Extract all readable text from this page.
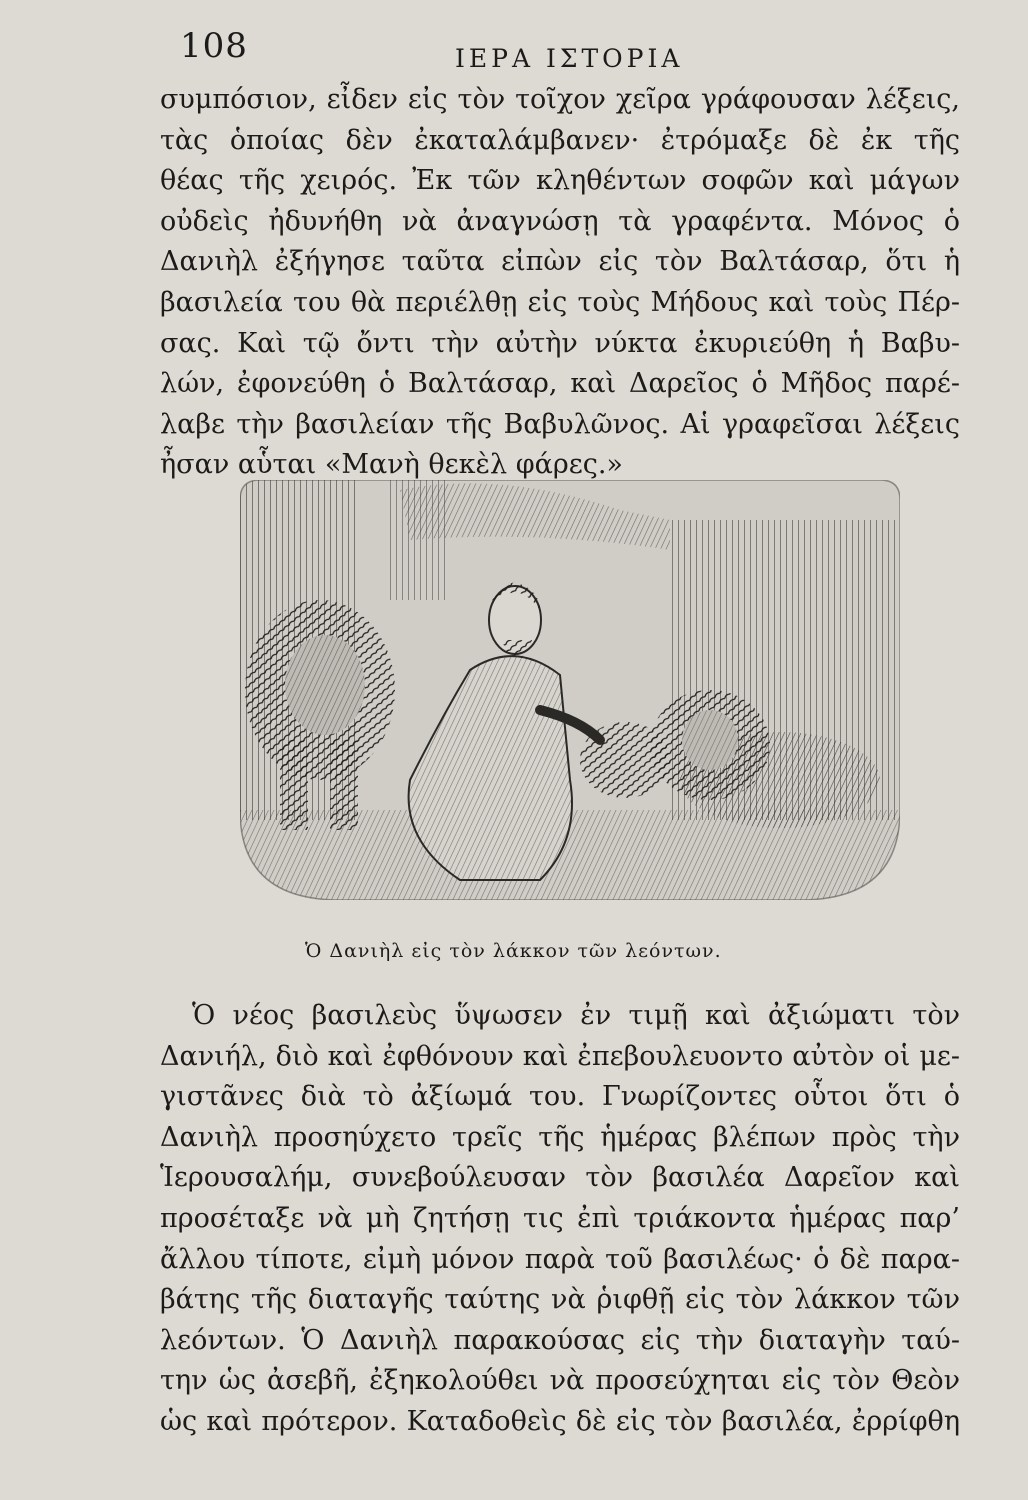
108	ΙΕΡΑ ΙΣΤΟΡΙΑ
συμπόσιον, εἶδεν εἰς τὸν τοῖχον χεῖρα γράφουσαν λέξεις,
τὰς ὁποίας δὲν ἐκαταλάμβανεν· ἐτρόμαξε δὲ ἐκ τῆς
θέας τῆς χειρός. Ἐκ τῶν κληθέντων σοφῶν καὶ μάγων
οὐδεὶς ἠδυνήθη νὰ ἀναγνώσῃ τὰ γραφέντα. Μόνος ὁ
Δανιὴλ ἐξήγησε ταῦτα εἰπὼν εἰς τὸν Βαλτάσαρ, ὅτι ἡ
βασιλεία του θὰ περιέλθῃ εἰς τοὺς Μήδους καὶ τοὺς Πέρ-
σας. Καὶ τῷ ὄντι τὴν αὐτὴν νύκτα ἐκυριεύθη ἡ Βαβυ-
λών, ἐφονεύθη ὁ Βαλτάσαρ, καὶ Δαρεῖος ὁ Μῆδος παρέ-
λαβε τὴν βασιλείαν τῆς Βαβυλῶνος. Αἱ γραφεῖσαι λέξεις
ἦσαν αὗται «Μανὴ θεκὲλ φάρες.»
Ὁ Δανιὴλ εἰς τὸν λάκκον τῶν λεόντων.
Ὁ νέος βασιλεὺς ὕψωσεν ἐν τιμῇ καὶ ἀξιώματι τὸν
Δανιήλ, διὸ καὶ ἐφθόνουν καὶ ἐπεβουλευοντο αὐτὸν οἱ με-
γιστᾶνες διὰ τὸ ἀξίωμά του. Γνωρίζοντες οὗτοι ὅτι ὁ
Δανιὴλ προσηύχετο τρεῖς τῆς ἡμέρας βλέπων πρὸς τὴν
Ἱερουσαλήμ, συνεβούλευσαν τὸν βασιλέα Δαρεῖον καὶ
προσέταξε νὰ μὴ ζητήσῃ τις ἐπὶ τριάκοντα ἡμέρας παρ’
ἄλλου τίποτε, εἰμὴ μόνον παρὰ τοῦ βασιλέως· ὁ δὲ παρα-
βάτης τῆς διαταγῆς ταύτης νὰ ῥιφθῇ εἰς τὸν λάκκον τῶν
λεόντων. Ὁ Δανιὴλ παρακούσας εἰς τὴν διαταγὴν ταύ-
την ὡς ἀσεβῆ, ἐξηκολούθει νὰ προσεύχηται εἰς τὸν Θεὸν
ὡς καὶ πρότερον. Καταδοθεὶς δὲ εἰς τὸν βασιλέα, ἐρρίφθη
